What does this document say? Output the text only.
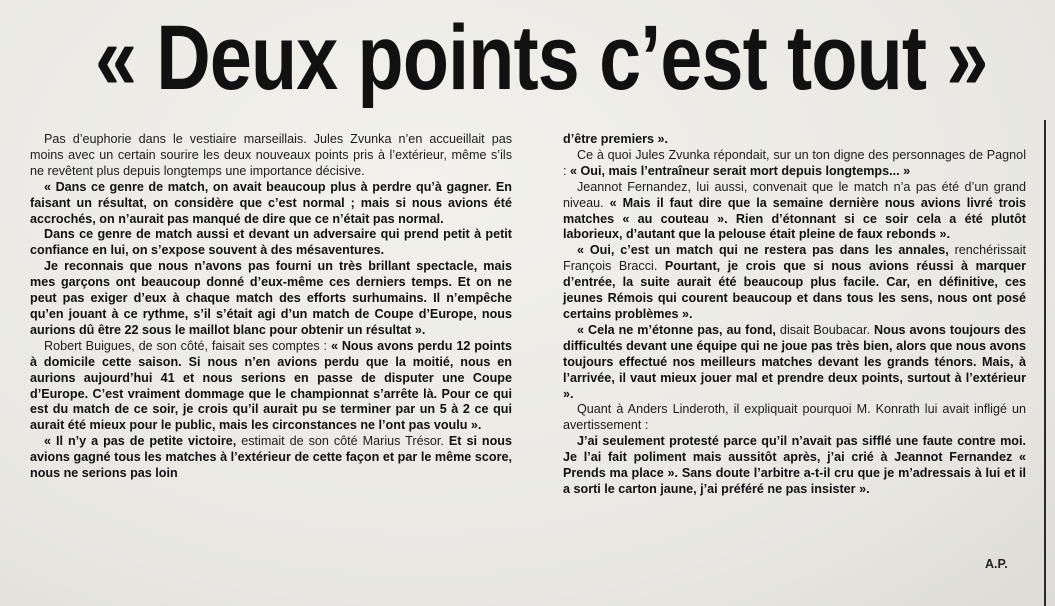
« Deux points c’est tout »

Pas d’euphorie dans le vestiaire marseillais. Jules Zvunka n’en accueillait pas moins avec un certain sourire les deux nouveaux points pris à l’extérieur, même s’ils ne revêtent plus depuis longtemps une importance décisive.

« Dans ce genre de match, on avait beaucoup plus à perdre qu’à gagner. En faisant un résultat, on considère que c’est normal ; mais si nous avions été accrochés, on n’aurait pas manqué de dire que ce n’était pas normal.

Dans ce genre de match aussi et devant un adversaire qui prend petit à petit confiance en lui, on s’expose souvent à des mésaventures.

Je reconnais que nous n’avons pas fourni un très brillant spectacle, mais mes garçons ont beaucoup donné d’eux-même ces derniers temps. Et on ne peut pas exiger d’eux à chaque match des efforts surhumains. Il n’empêche qu’en jouant à ce rythme, s’il s’était agi d’un match de Coupe d’Europe, nous aurions dû être 22 sous le maillot blanc pour obtenir un résultat ».

Robert Buigues, de son côté, faisait ses comptes : « Nous avons perdu 12 points à domicile cette saison. Si nous n’en avions perdu que la moitié, nous en aurions aujourd’hui 41 et nous serions en passe de disputer une Coupe d’Europe. C’est vraiment dommage que le championnat s’arrête là. Pour ce qui est du match de ce soir, je crois qu’il aurait pu se terminer par un 5 à 2 ce qui aurait été mieux pour le public, mais les circonstances ne l’ont pas voulu ».

« Il n’y a pas de petite victoire, estimait de son côté Marius Trésor. Et si nous avions gagné tous les matches à l’extérieur de cette façon et par le même score, nous ne serions pas loin

d’être premiers ».

Ce à quoi Jules Zvunka répondait, sur un ton digne des personnages de Pagnol : « Oui, mais l’entraîneur serait mort depuis longtemps... »

Jeannot Fernandez, lui aussi, convenait que le match n’a pas été d’un grand niveau. « Mais il faut dire que la semaine dernière nous avions livré trois matches « au couteau ». Rien d’étonnant si ce soir cela a été plutôt laborieux, d’autant que la pelouse était pleine de faux rebonds ».

« Oui, c’est un match qui ne restera pas dans les annales, renchérissait François Bracci. Pourtant, je crois que si nous avions réussi à marquer d’entrée, la suite aurait été beaucoup plus facile. Car, en définitive, ces jeunes Rémois qui courent beaucoup et dans tous les sens, nous ont posé certains problèmes ».

« Cela ne m’étonne pas, au fond, disait Boubacar. Nous avons toujours des difficultés devant une équipe qui ne joue pas très bien, alors que nous avons toujours effectué nos meilleurs matches devant les grands ténors. Mais, à l’arrivée, il vaut mieux jouer mal et prendre deux points, surtout à l’extérieur ».

Quant à Anders Linderoth, il expliquait pourquoi M. Konrath lui avait infligé un avertissement :

J’ai seulement protesté parce qu’il n’avait pas sifflé une faute contre moi. Je l’ai fait poliment mais aussitôt après, j’ai crié à Jeannot Fernandez « Prends ma place ». Sans doute l’arbitre a-t-il cru que je m’adressais à lui et il a sorti le carton jaune, j’ai préféré ne pas insister ».

A.P.
